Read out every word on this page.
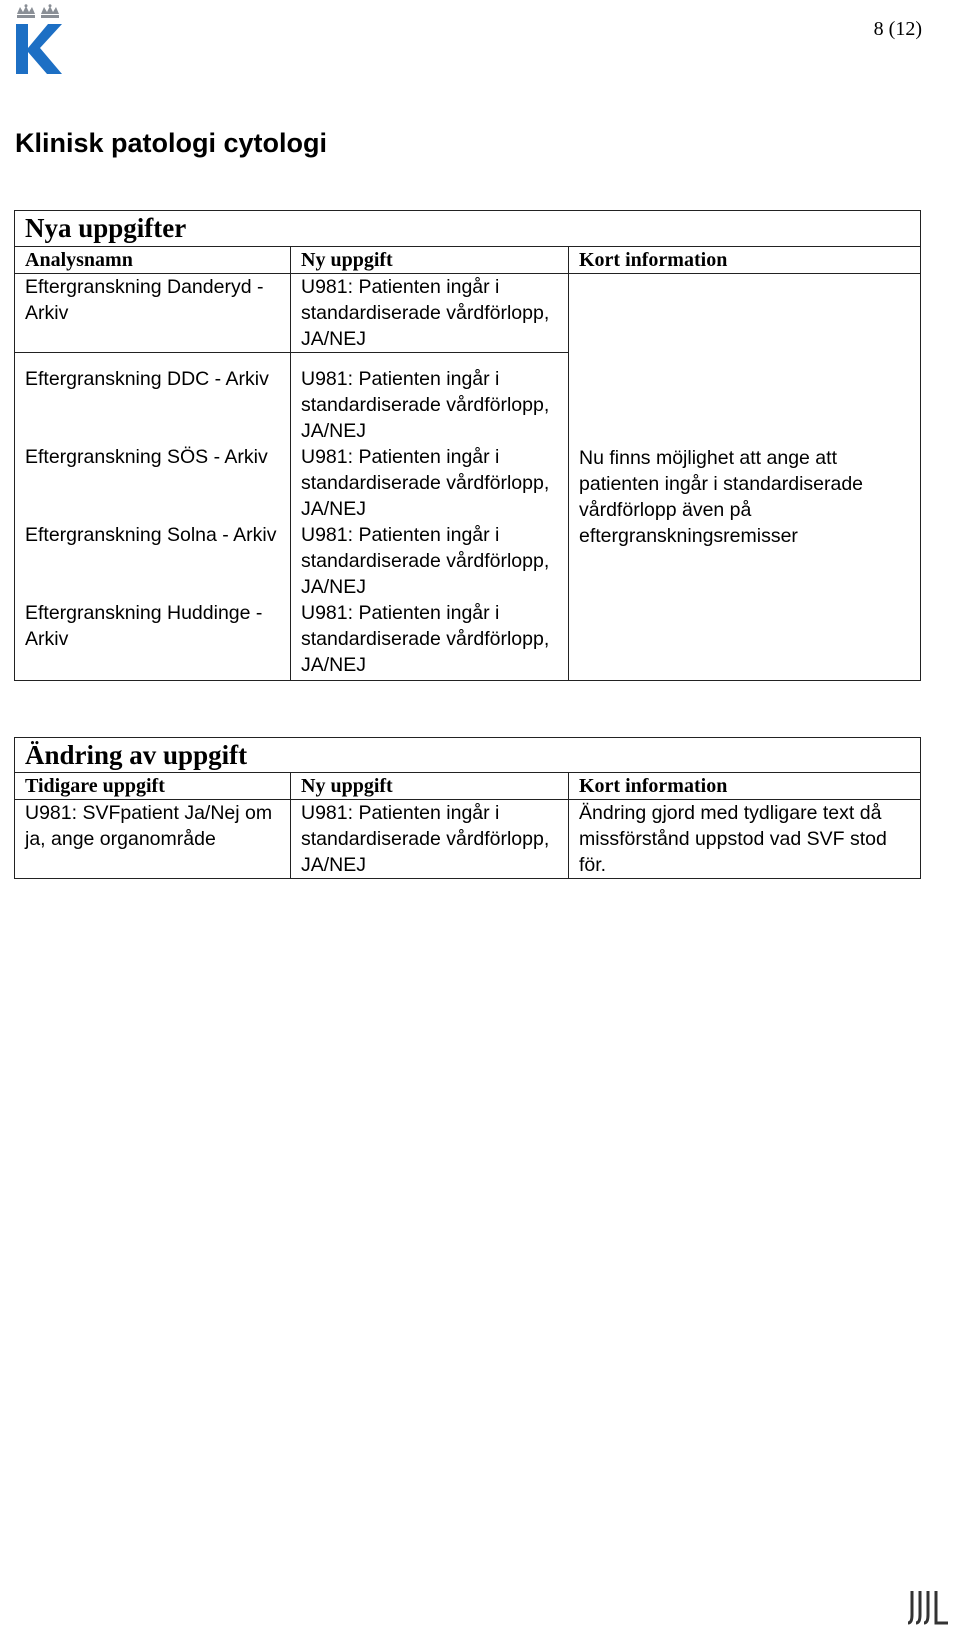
8 (12)
Klinisk patologi cytologi
Nya uppgifter		
Analysnamn	Ny uppgift	Kort information
Eftergranskning Danderyd - Arkiv	U981: Patienten ingår i standardiserade vårdförlopp, JA/NEJ	Nu finns möjlighet att ange att patienten ingår i standardiserade vårdförlopp även på eftergranskningsremisser
Eftergranskning DDC - Arkiv	U981: Patienten ingår i standardiserade vårdförlopp, JA/NEJ	
Eftergranskning SÖS - Arkiv	U981: Patienten ingår i standardiserade vårdförlopp, JA/NEJ	
Eftergranskning Solna - Arkiv	U981: Patienten ingår i standardiserade vårdförlopp, JA/NEJ	
Eftergranskning Huddinge - Arkiv	U981: Patienten ingår i standardiserade vårdförlopp, JA/NEJ	
Ändring av uppgift		
Tidigare uppgift	Ny uppgift	Kort information
U981: SVFpatient Ja/Nej om ja, ange organområde	U981: Patienten ingår i standardiserade vårdförlopp, JA/NEJ	Ändring gjord med tydligare text då missförstånd uppstod vad SVF stod för.
